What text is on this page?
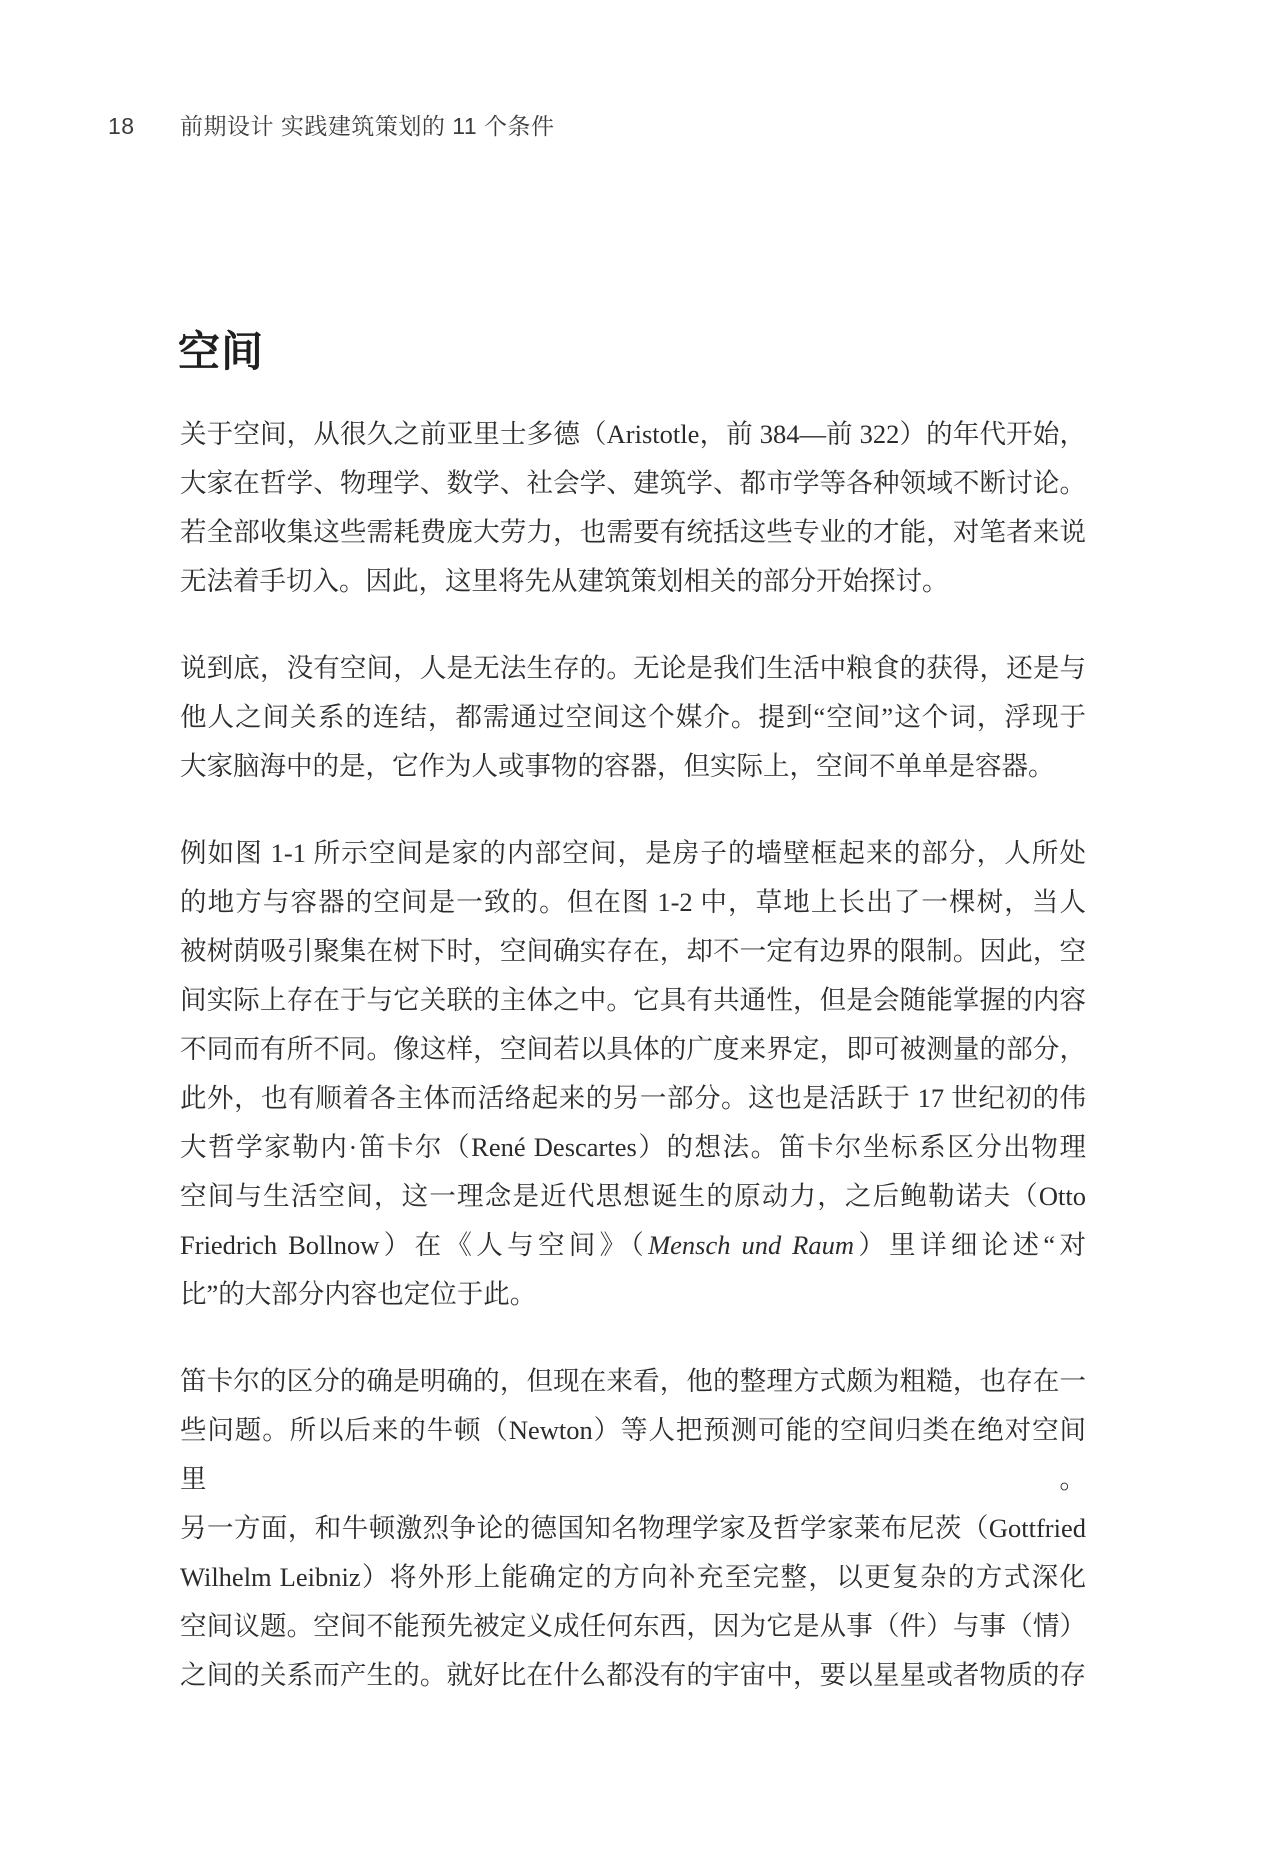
18	前期设计 实践建筑策划的 11 个条件
空间

关于空间，从很久之前亚里士多德（Aristotle，前 384—前 322）的年代开始，
大家在哲学、物理学、数学、社会学、建筑学、都市学等各种领域不断讨论。
若全部收集这些需耗费庞大劳力，也需要有统括这些专业的才能，对笔者来说
无法着手切入。因此，这里将先从建筑策划相关的部分开始探讨。

说到底，没有空间，人是无法生存的。无论是我们生活中粮食的获得，还是与
他人之间关系的连结，都需通过空间这个媒介。提到“空间”这个词，浮现于
大家脑海中的是，它作为人或事物的容器，但实际上，空间不单单是容器。

例如图 1-1 所示空间是家的内部空间，是房子的墙壁框起来的部分，人所处
的地方与容器的空间是一致的。但在图 1-2 中，草地上长出了一棵树，当人
被树荫吸引聚集在树下时，空间确实存在，却不一定有边界的限制。因此，空
间实际上存在于与它关联的主体之中。它具有共通性，但是会随能掌握的内容
不同而有所不同。像这样，空间若以具体的广度来界定，即可被测量的部分，
此外，也有顺着各主体而活络起来的另一部分。这也是活跃于 17 世纪初的伟
大哲学家勒内·笛卡尔（René Descartes）的想法。笛卡尔坐标系区分出物理
空间与生活空间，这一理念是近代思想诞生的原动力，之后鲍勒诺夫（Otto
Friedrich Bollnow）在《人与空间》（Mensch und Raum）里详细论述“对
比”的大部分内容也定位于此。

笛卡尔的区分的确是明确的，但现在来看，他的整理方式颇为粗糙，也存在一
些问题。所以后来的牛顿（Newton）等人把预测可能的空间归类在绝对空间里。
另一方面，和牛顿激烈争论的德国知名物理学家及哲学家莱布尼茨（Gottfried
Wilhelm Leibniz）将外形上能确定的方向补充至完整，以更复杂的方式深化
空间议题。空间不能预先被定义成任何东西，因为它是从事（件）与事（情）
之间的关系而产生的。就好比在什么都没有的宇宙中，要以星星或者物质的存
